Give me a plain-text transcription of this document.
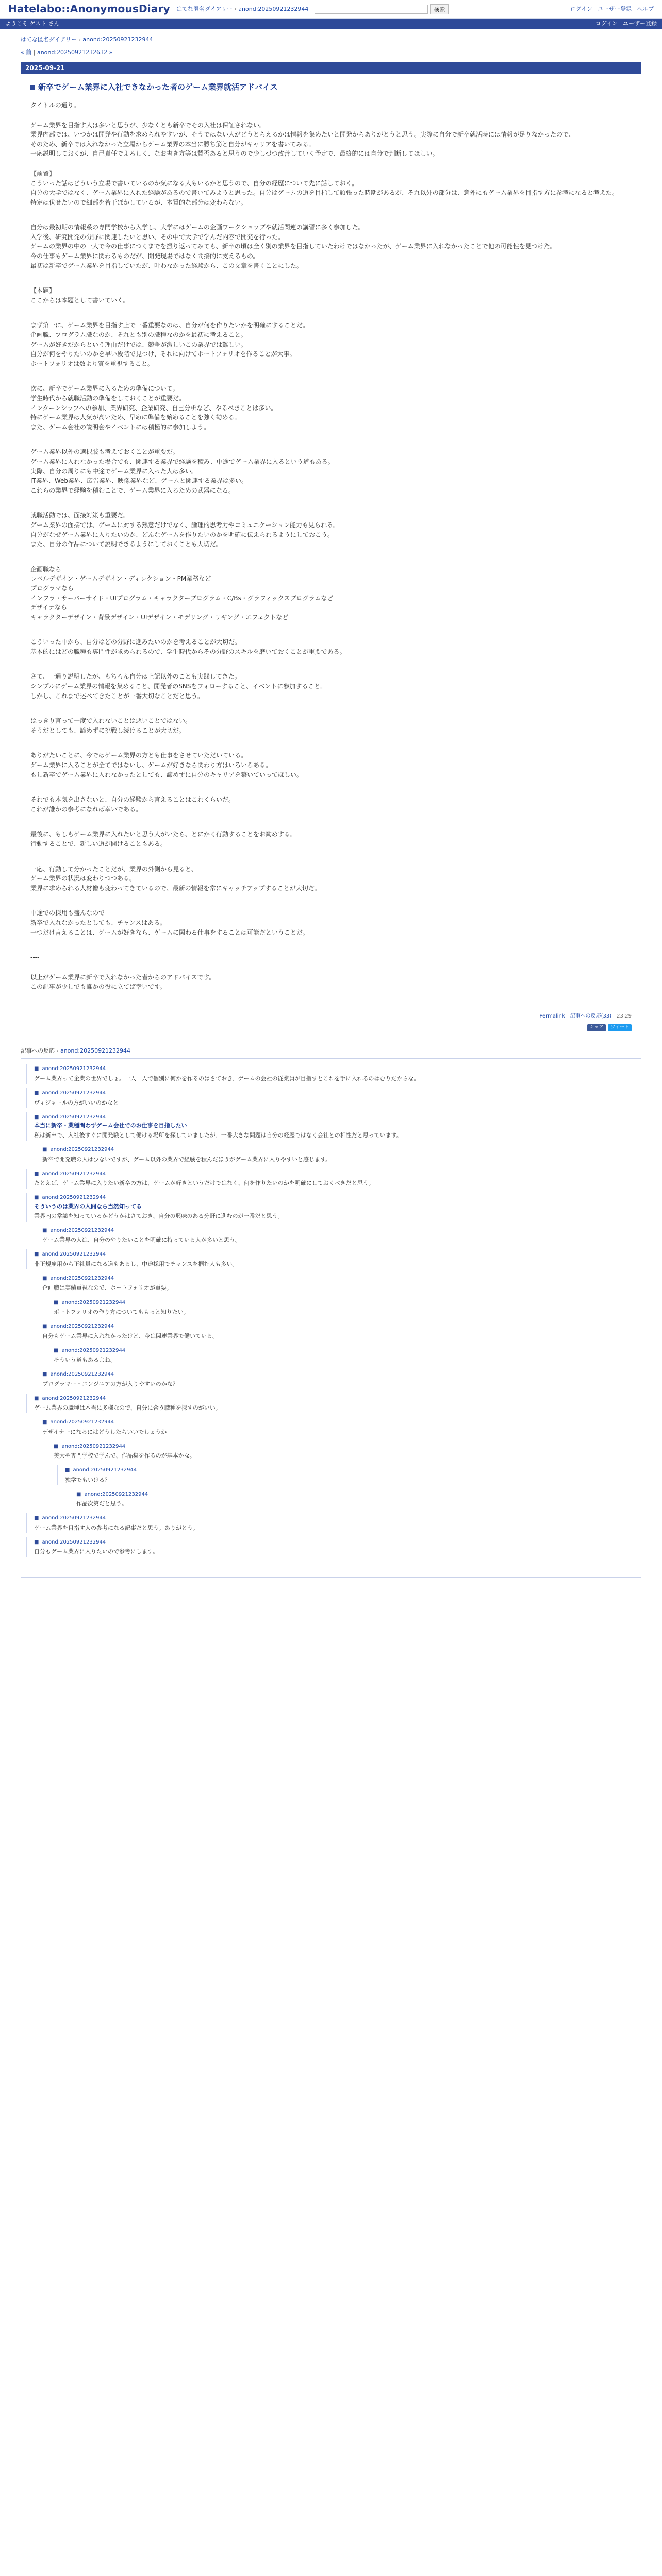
Hatelabo::AnonymousDiary はてな匿名ダイアリー › anond:20250921232944	検索	ログイン ユーザー登録 ヘルプ
ようこそ ゲスト さん	ログイン ユーザー登録
はてな匿名ダイアリー › anond:20250921232944
« 前 | anond:20250921232632 »
2025-09-21
新卒でゲーム業界に入社できなかった者のゲーム業界就活アドバイス

タイトルの通り。

ゲーム業界を目指す人は多いと思うが、少なくとも新卒でその入社は保証されない。
業界内部では、いつかは開発や行動を求められやすいが、そうではない人がどうとらえるかは情報を集めたいと開発からありがとうと思う。実際に自分で新卒就活時には情報が足りなかったので、
そのため、新卒では入れなかった立場からゲーム業界の本当に勝ち筋と自分がキャリアを書いてみる。
一応説明しておくが、自己責任でよろしく、なお書き方等は賛否あると思うので少しづつ改善していく予定で、最終的には自分で判断してほしい。

【前置】
こういった話はどういう立場で書いているのか気になる人もいるかと思うので、自分の経歴について先に話しておく。
自分の大学ではなく、ゲーム業界に入れた経験があるので書いてみようと思った。自分はゲームの道を目指して頑張った時期があるが、それ以外の部分は、意外にもゲーム業界を目指す方に参考になると考えた。
特定は伏せたいので細部を若干ぼかしているが、本質的な部分は変わらない。

自分は最初期の情報系の専門学校から入学し、大学にはゲームの企画ワークショップや就活関連の講習に多く参加した。
入学後、研究開発の分野に関連したいと思い、その中で大学で学んだ内容で開発を行った。
ゲームの業界の中の一人で今の仕事につくまでを振り返ってみても、新卒の頃は全く別の業界を目指していたわけではなかったが、ゲーム業界に入れなかったことで他の可能性を見つけた。
今の仕事もゲーム業界に関わるものだが、開発現場ではなく間接的に支えるもの。
最初は新卒でゲーム業界を目指していたが、叶わなかった経験から、この文章を書くことにした。

【本題】
ここからは本題として書いていく。

まず第一に、ゲーム業界を目指す上で一番重要なのは、自分が何を作りたいかを明確にすることだ。
企画職、プログラム職なのか、それとも別の職種なのかを最初に考えること。
ゲームが好きだからという理由だけでは、競争が激しいこの業界では難しい。
自分が何をやりたいのかを早い段階で見つけ、それに向けてポートフォリオを作ることが大事。
ポートフォリオは数より質を重視すること。

次に、新卒でゲーム業界に入るための準備について。
学生時代から就職活動の準備をしておくことが重要だ。
インターンシップへの参加、業界研究、企業研究、自己分析など、やるべきことは多い。
特にゲーム業界は人気が高いため、早めに準備を始めることを強く勧める。
また、ゲーム会社の説明会やイベントには積極的に参加しよう。

ゲーム業界以外の選択肢も考えておくことが重要だ。
ゲーム業界に入れなかった場合でも、関連する業界で経験を積み、中途でゲーム業界に入るという道もある。
実際、自分の周りにも中途でゲーム業界に入った人は多い。
IT業界、Web業界、広告業界、映像業界など、ゲームと関連する業界は多い。
これらの業界で経験を積むことで、ゲーム業界に入るための武器になる。

就職活動では、面接対策も重要だ。
ゲーム業界の面接では、ゲームに対する熱意だけでなく、論理的思考力やコミュニケーション能力も見られる。
自分がなぜゲーム業界に入りたいのか、どんなゲームを作りたいのかを明確に伝えられるようにしておこう。
また、自分の作品について説明できるようにしておくことも大切だ。

企画職なら
レベルデザイン・ゲームデザイン・ディレクション・PM業務など
プログラマなら
インフラ・サーバーサイド・UIプログラム・キャラクタープログラム・C/Bs・グラフィックスプログラムなど
デザイナなら
キャラクターデザイン・背景デザイン・UIデザイン・モデリング・リギング・エフェクトなど

こういった中から、自分はどの分野に進みたいのかを考えることが大切だ。
基本的にはどの職種も専門性が求められるので、学生時代からその分野のスキルを磨いておくことが重要である。

さて、一通り説明したが、もちろん自分は上記以外のことも実践してきた。
シンプルにゲーム業界の情報を集めること、開発者のSNSをフォローすること、イベントに参加すること。
しかし、これまで述べてきたことが一番大切なことだと思う。

はっきり言って一度で入れないことは悪いことではない。
そうだとしても、諦めずに挑戦し続けることが大切だ。

ありがたいことに、今ではゲーム業界の方とも仕事をさせていただいている。
ゲーム業界に入ることが全てではないし、ゲームが好きなら関わり方はいろいろある。
もし新卒でゲーム業界に入れなかったとしても、諦めずに自分のキャリアを築いていってほしい。

それでも本気を出さないと、自分の経験から言えることはこれくらいだ。
これが誰かの参考になれば幸いである。

最後に、もしもゲーム業界に入れたいと思う人がいたら、とにかく行動することをお勧めする。
行動することで、新しい道が開けることもある。

一応、行動して分かったことだが、業界の外側から見ると、
ゲーム業界の状況は変わりつつある。
業界に求められる人材像も変わってきているので、最新の情報を常にキャッチアップすることが大切だ。

中途での採用も盛んなので
新卒で入れなかったとしても、チャンスはある。
一つだけ言えることは、ゲームが好きなら、ゲームに関わる仕事をすることは可能だということだ。

----

以上がゲーム業界に新卒で入れなかった者からのアドバイスです。
この記事が少しでも誰かの役に立てば幸いです。

Permalink 記事への反応(33) 23:29
シェア	ツイート
記事への反応 - anond:20250921232944
■ anond:20250921232944
ゲーム業界って企業の世界でしょ。一人一人で個別に何かを作るのはさておき、ゲームの会社の従業員が目指すとこれを手に入れるのはむりだからな。
■ anond:20250921232944
ヴィジャールの方がいいのかなと
■ anond:20250921232944
本当に新卒・業種問わずゲーム会社でのお仕事を目指したい
私は新卒で、入社後すぐに開発職として働ける場所を探していましたが、一番大きな問題は自分の経歴ではなく会社との相性だと思っています。
■ anond:20250921232944
新卒で開発職の人は少ないですが、ゲーム以外の業界で経験を積んだほうがゲーム業界に入りやすいと感じます。
■ anond:20250921232944
たとえば、ゲーム業界に入りたい新卒の方は、ゲームが好きというだけではなく、何を作りたいのかを明確にしておくべきだと思う。
■ anond:20250921232944
そういうのは業界の人間なら当然知ってる
業界内の常識を知っているかどうかはさておき、自分の興味のある分野に進むのが一番だと思う。
■ anond:20250921232944
ゲーム業界の人は、自分のやりたいことを明確に持っている人が多いと思う。
■ anond:20250921232944
非正規雇用から正社員になる道もあるし、中途採用でチャンスを掴む人も多い。
■ anond:20250921232944
企画職は実績重視なので、ポートフォリオが重要。
■ anond:20250921232944
ポートフォリオの作り方についてももっと知りたい。
■ anond:20250921232944
自分もゲーム業界に入れなかったけど、今は関連業界で働いている。
■ anond:20250921232944
そういう道もあるよね。
■ anond:20250921232944
プログラマー・エンジニアの方が入りやすいのかな？
■ anond:20250921232944
ゲーム業界の職種は本当に多様なので、自分に合う職種を探すのがいい。
■ anond:20250921232944
デザイナーになるにはどうしたらいいでしょうか
■ anond:20250921232944
美大や専門学校で学んで、作品集を作るのが基本かな。
■ anond:20250921232944
独学でもいける？
■ anond:20250921232944
作品次第だと思う。
■ anond:20250921232944
ゲーム業界を目指す人の参考になる記事だと思う。ありがとう。
■ anond:20250921232944
自分もゲーム業界に入りたいので参考にします。
